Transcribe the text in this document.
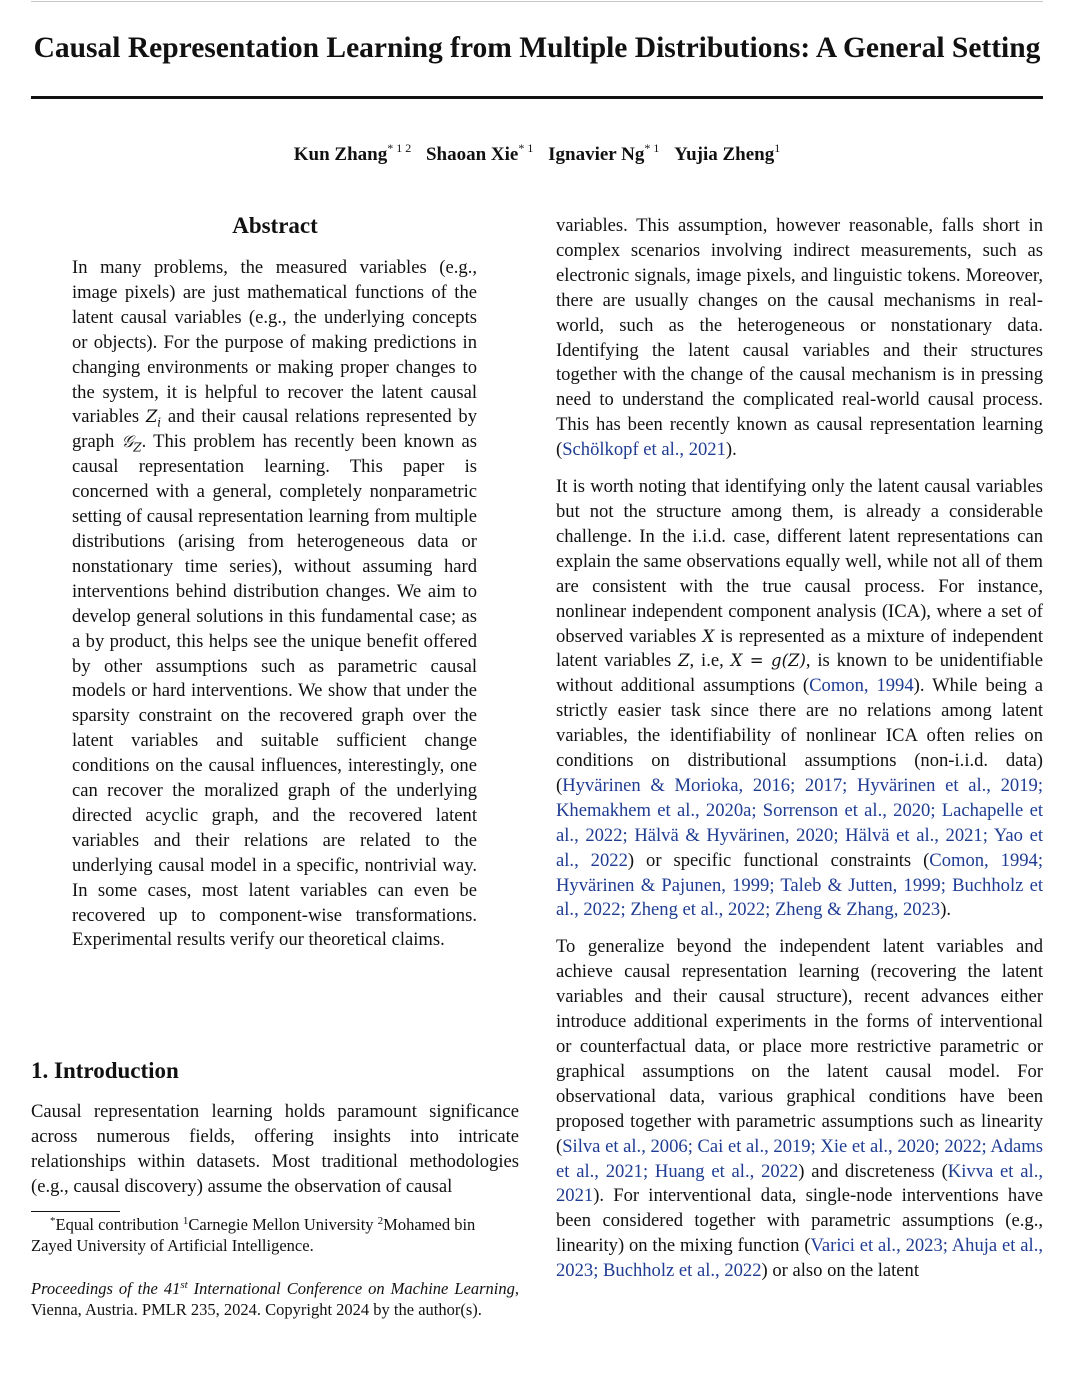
Causal Representation Learning from Multiple Distributions: A General Setting
Kun Zhang$^{* 1 2}$ Shaoan Xie$^{* 1}$ Ignavier Ng$^{* 1}$ Yujia Zheng$^1$
Abstract
In many problems, the measured variables (e.g., image pixels) are just mathematical functions of the latent causal variables (e.g., the underlying concepts or objects). For the purpose of making predictions in changing environments or making proper changes to the system, it is helpful to recover the latent causal variables $Z_i$ and their causal relations represented by graph 𝒢$_Z$. This problem has recently been known as causal representation learning. This paper is concerned with a general, completely nonparametric setting of causal representation learning from multiple distributions (arising from heterogeneous data or nonstationary time series), without assuming hard interventions behind distribution changes. We aim to develop general solutions in this fundamental case; as a by product, this helps see the unique benefit offered by other assumptions such as parametric causal models or hard interventions. We show that under the sparsity constraint on the recovered graph over the latent variables and suitable sufficient change conditions on the causal influences, interestingly, one can recover the moralized graph of the underlying directed acyclic graph, and the recovered latent variables and their relations are related to the underlying causal model in a specific, nontrivial way. In some cases, most latent variables can even be recovered up to component-wise transformations. Experimental results verify our theoretical claims.
1. Introduction
Causal representation learning holds paramount significance across numerous fields, offering insights into intricate relationships within datasets. Most traditional methodologies (e.g., causal discovery) assume the observation of causal
*Equal contribution $^1$Carnegie Mellon University $^2$Mohamed bin Zayed University of Artificial Intelligence.
Proceedings of the 41st International Conference on Machine Learning, Vienna, Austria. PMLR 235, 2024. Copyright 2024 by the author(s).

variables. This assumption, however reasonable, falls short in complex scenarios involving indirect measurements, such as electronic signals, image pixels, and linguistic tokens. Moreover, there are usually changes on the causal mechanisms in real-world, such as the heterogeneous or nonstationary data. Identifying the latent causal variables and their structures together with the change of the causal mechanism is in pressing need to understand the complicated real-world causal process. This has been recently known as causal representation learning (Schölkopf et al., 2021).

It is worth noting that identifying only the latent causal variables but not the structure among them, is already a considerable challenge. In the i.i.d. case, different latent representations can explain the same observations equally well, while not all of them are consistent with the true causal process. For instance, nonlinear independent component analysis (ICA), where a set of observed variables X is represented as a mixture of independent latent variables Z, i.e, X = g(Z), is known to be unidentifiable without additional assumptions (Comon, 1994). While being a strictly easier task since there are no relations among latent variables, the identifiability of nonlinear ICA often relies on conditions on distributional assumptions (non-i.i.d. data) (Hyvärinen & Morioka, 2016; 2017; Hyvärinen et al., 2019; Khemakhem et al., 2020a; Sorrenson et al., 2020; Lachapelle et al., 2022; Hälvä & Hyvärinen, 2020; Hälvä et al., 2021; Yao et al., 2022) or specific functional constraints (Comon, 1994; Hyvärinen & Pajunen, 1999; Taleb & Jutten, 1999; Buchholz et al., 2022; Zheng et al., 2022; Zheng & Zhang, 2023).

To generalize beyond the independent latent variables and achieve causal representation learning (recovering the latent variables and their causal structure), recent advances either introduce additional experiments in the forms of interventional or counterfactual data, or place more restrictive parametric or graphical assumptions on the latent causal model. For observational data, various graphical conditions have been proposed together with parametric assumptions such as linearity (Silva et al., 2006; Cai et al., 2019; Xie et al., 2020; 2022; Adams et al., 2021; Huang et al., 2022) and discreteness (Kivva et al., 2021). For interventional data, single-node interventions have been considered together with parametric assumptions (e.g., linearity) on the mixing function (Varici et al., 2023; Ahuja et al., 2023; Buchholz et al., 2022) or also on the latent
